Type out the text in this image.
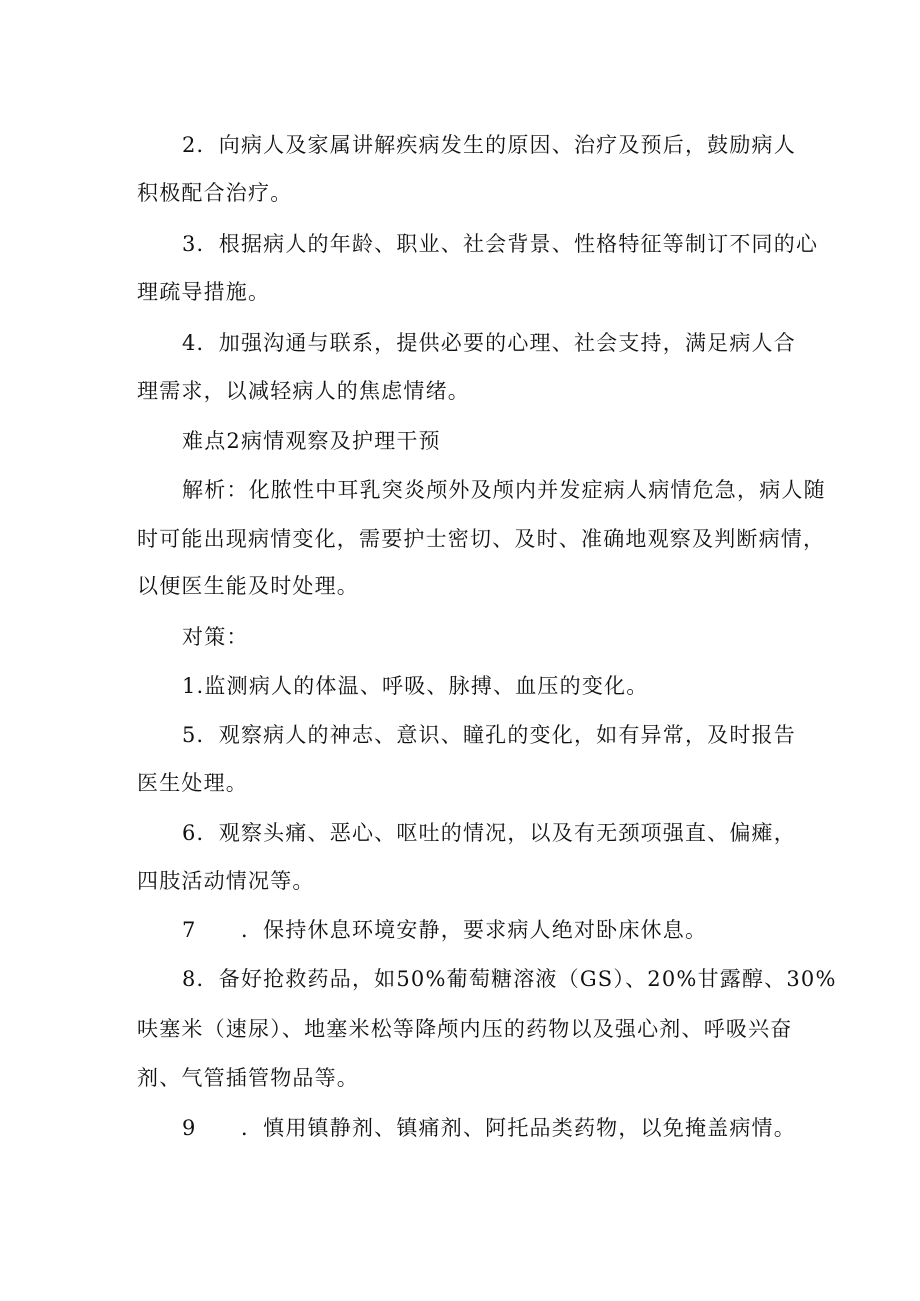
2．向病人及家属讲解疾病发生的原因、治疗及预后，鼓励病人
积极配合治疗。
3．根据病人的年龄、职业、社会背景、性格特征等制订不同的心
理疏导措施。
4．加强沟通与联系，提供必要的心理、社会支持，满足病人合
理需求，以减轻病人的焦虑情绪。
难点2病情观察及护理干预
解析：化脓性中耳乳突炎颅外及颅内并发症病人病情危急，病人随
时可能出现病情变化，需要护士密切、及时、准确地观察及判断病情，
以便医生能及时处理。
对策：
1.监测病人的体温、呼吸、脉搏、血压的变化。
5．观察病人的神志、意识、瞳孔的变化，如有异常，及时报告
医生处理。
6．观察头痛、恶心、呕吐的情况，以及有无颈项强直、偏瘫，
四肢活动情况等。
7　　．保持休息环境安静，要求病人绝对卧床休息。
8．备好抢救药品，如50%葡萄糖溶液（GS）、20%甘露醇、30%
呋塞米（速尿）、地塞米松等降颅内压的药物以及强心剂、呼吸兴奋
剂、气管插管物品等。
9　　．慎用镇静剂、镇痛剂、阿托品类药物，以免掩盖病情。
